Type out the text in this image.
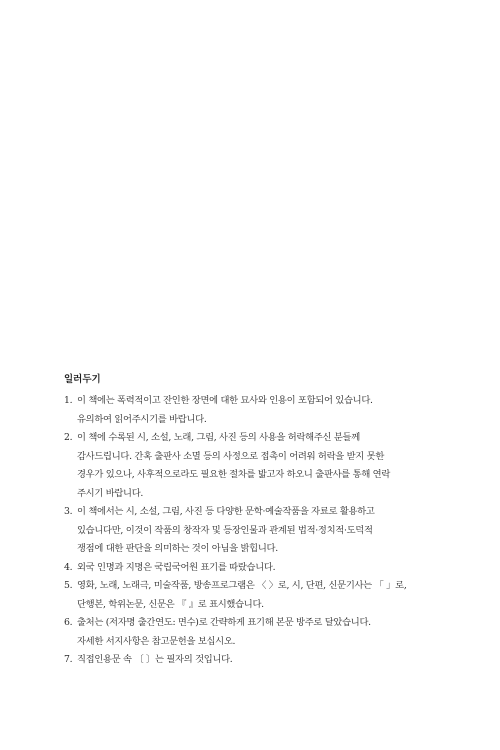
일러두기
1. 이 책에는 폭력적이고 잔인한 장면에 대한 묘사와 인용이 포함되어 있습니다.
유의하여 읽어주시기를 바랍니다.
2. 이 책에 수록된 시, 소설, 노래, 그림, 사진 등의 사용을 허락해주신 분들께
감사드립니다. 간혹 출판사 소멸 등의 사정으로 접촉이 어려워 허락을 받지 못한
경우가 있으나, 사후적으로라도 필요한 절차를 밟고자 하오니 출판사를 통해 연락
주시기 바랍니다.
3. 이 책에서는 시, 소설, 그림, 사진 등 다양한 문학·예술작품을 자료로 활용하고
있습니다만, 이것이 작품의 창작자 및 등장인물과 관계된 법적·정치적·도덕적
쟁점에 대한 판단을 의미하는 것이 아님을 밝힙니다.
4. 외국 인명과 지명은 국립국어원 표기를 따랐습니다.
5. 영화, 노래, 노래극, 미술작품, 방송프로그램은 〈 〉로, 시, 단편, 신문기사는 「 」로,
단행본, 학위논문, 신문은 『 』로 표시했습니다.
6. 출처는 (저자명 출간연도: 면수)로 간략하게 표기해 본문 방주로 달았습니다.
자세한 서지사항은 참고문헌을 보십시오.
7. 직접인용문 속 〔 〕는 필자의 것입니다.
